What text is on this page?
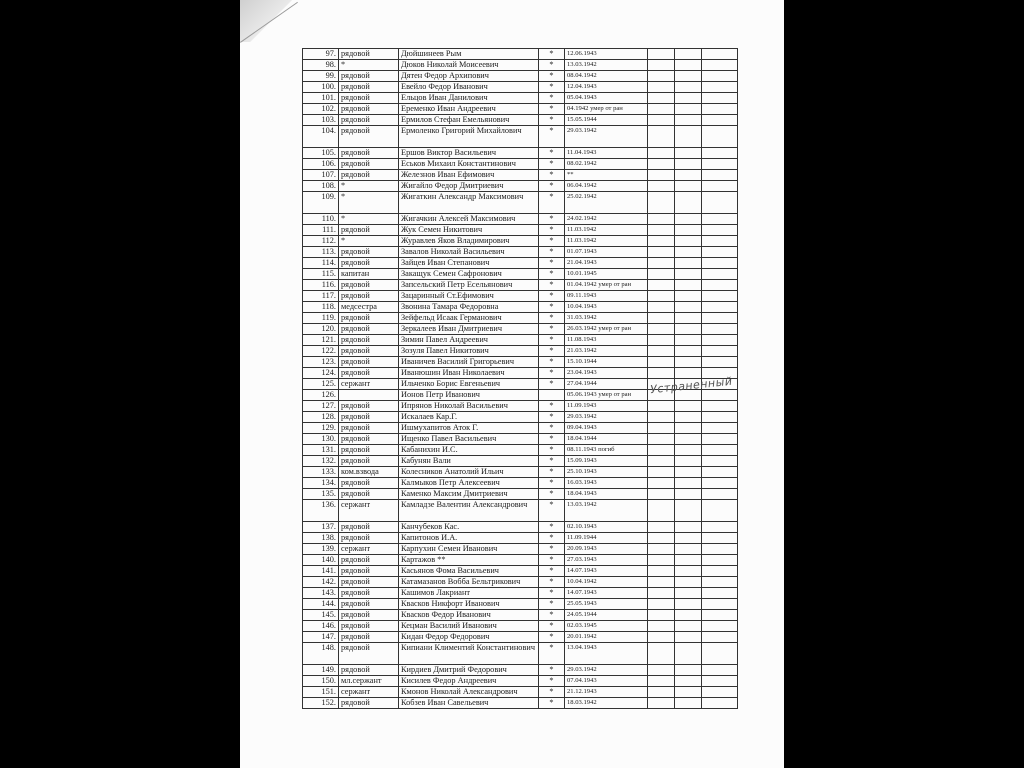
97.	рядовой	Дюйшинеев Рым	*	12.06.1943			
98.	*	Дюков Николай Моисеевич	*	13.03.1942			
99.	рядовой	Дятен Федор Архипович	*	08.04.1942			
100.	рядовой	Евейло Федор Иванович	*	12.04.1943			
101.	рядовой	Ельцов Иван Данилович	*	05.04.1943			
102.	рядовой	Еременко Иван Андреевич	*	04.1942 умер от ран			
103.	рядовой	Ермилов Стефан Емельянович	*	15.05.1944			
104.	рядовой	Ермоленко Григорий Михайлович	*	29.03.1942			
105.	рядовой	Ершов Виктор Васильевич	*	11.04.1943			
106.	рядовой	Еськов Михаил Константинович	*	08.02.1942			
107.	рядовой	Железнов Иван Ефимович	*	**			
108.	*	Жигайло Федор Дмитриевич	*	06.04.1942			
109.	*	Жигаткин Александр Максимович	*	25.02.1942			
110.	*	Жигачкин Алексей Максимович	*	24.02.1942			
111.	рядовой	Жук Семен Никитович	*	11.03.1942			
112.	*	Журавлев Яков Владимирович	*	11.03.1942			
113.	рядовой	Завалов Николай Васильевич	*	01.07.1943			
114.	рядовой	Зайцев Иван Степанович	*	21.04.1943			
115.	капитан	Закащук Семен Сафронович	*	10.01.1945			
116.	рядовой	Запсельский Петр Есельянович	*	01.04.1942 умер от ран			
117.	рядовой	Зацаринный Ст.Ефимович	*	09.11.1943			
118.	медсестра	Звонина Тамара Федоровна	*	10.04.1943			
119.	рядовой	Зейфельд Исаак Германович	*	31.03.1942			
120.	рядовой	Зеркалеев Иван Дмитриевич	*	26.03.1942 умер от ран			
121.	рядовой	Зимин Павел Андреевич	*	11.08.1943			
122.	рядовой	Зозуля Павел Никитович	*	21.03.1942			
123.	рядовой	Иваничев Василий Григорьевич	*	15.10.1944			
124.	рядовой	Иванюшин Иван Николаевич	*	23.04.1943			
125.	сержант	Ильченко Борис Евгеньевич	*	27.04.1944			
126.		Ионов Петр Иванович		05.06.1943 умер от ран			
127.	рядовой	Ипрянов Николай Васильевич	*	11.09.1943			
128.	рядовой	Искалаев Кар.Г.	*	29.03.1942			
129.	рядовой	Ишмухапитов Аток Г.	*	09.04.1943			
130.	рядовой	Ищенко Павел Васильевич	*	18.04.1944			
131.	рядовой	Кабанихин И.С.	*	08.11.1943 погиб			
132.	рядовой	Кабунян Вали	*	15.09.1943			
133.	ком.взвода	Колесников Анатолий Ильич	*	25.10.1943			
134.	рядовой	Калмыков Петр Алексеевич	*	16.03.1943			
135.	рядовой	Каменко Максим Дмитриевич	*	18.04.1943			
136.	сержант	Камладзе Валентин Александрович	*	13.03.1942			
137.	рядовой	Канчубеков Кас.	*	02.10.1943			
138.	рядовой	Капитонов И.А.	*	11.09.1944			
139.	сержант	Карпухин Семен Иванович	*	20.09.1943			
140.	рядовой	Картажов **	*	27.03.1943			
141.	рядовой	Касьянов Фома Васильевич	*	14.07.1943			
142.	рядовой	Катамазанов Вобба Бельтрикович	*	10.04.1942			
143.	рядовой	Кашимов Лакриант	*	14.07.1943			
144.	рядовой	Квасков Никфорт Иванович	*	25.05.1943			
145.	рядовой	Квасков Федор Иванович	*	24.05.1944			
146.	рядовой	Кецман Василий Иванович	*	02.03.1945			
147.	рядовой	Кидан Федор Федорович	*	20.01.1942			
148.	рядовой	Кипиани Климентий Константинович	*	13.04.1943			
149.	рядовой	Кирдиев Дмитрий Федорович	*	29.03.1942			
150.	мл.сержант	Кисилев Федор Андреевич	*	07.04.1943			
151.	сержант	Кмонов Николай Александрович	*	21.12.1943			
152.	рядовой	Кобзев Иван Савельевич	*	18.03.1942			
Устраненный
